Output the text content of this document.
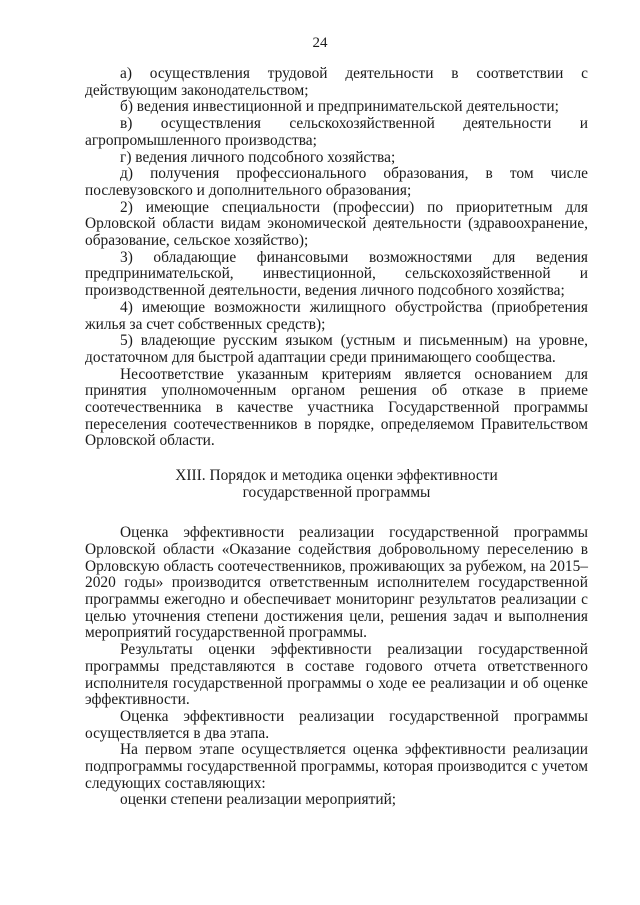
24

а) осуществления трудовой деятельности в соответствии с действующим законодательством;

б) ведения инвестиционной и предпринимательской деятельности;

в) осуществления сельскохозяйственной деятельности и агропромышленного производства;

г) ведения личного подсобного хозяйства;

д) получения профессионального образования, в том числе послевузовского и дополнительного образования;

2) имеющие специальности (профессии) по приоритетным для Орловской области видам экономической деятельности (здравоохранение, образование, сельское хозяйство);

3) обладающие финансовыми возможностями для ведения предпринимательской, инвестиционной, сельскохозяйственной и производственной деятельности, ведения личного подсобного хозяйства;

4) имеющие возможности жилищного обустройства (приобретения жилья за счет собственных средств);

5) владеющие русским языком (устным и письменным) на уровне, достаточном для быстрой адаптации среди принимающего сообщества.

Несоответствие указанным критериям является основанием для принятия уполномоченным органом решения об отказе в приеме соотечественника в качестве участника Государственной программы переселения соотечественников в порядке, определяемом Правительством Орловской области.

XIII. Порядок и методика оценки эффективности

государственной программы

Оценка эффективности реализации государственной программы Орловской области «Оказание содействия добровольному переселению в Орловскую область соотечественников, проживающих за рубежом, на 2015–2020 годы» производится ответственным исполнителем государственной программы ежегодно и обеспечивает мониторинг результатов реализации с целью уточнения степени достижения цели, решения задач и выполнения мероприятий государственной программы.

Результаты оценки эффективности реализации государственной программы представляются в составе годового отчета ответственного исполнителя государственной программы о ходе ее реализации и об оценке эффективности.

Оценка эффективности реализации государственной программы осуществляется в два этапа.

На первом этапе осуществляется оценка эффективности реализации подпрограммы государственной программы, которая производится с учетом следующих составляющих:

оценки степени реализации мероприятий;
